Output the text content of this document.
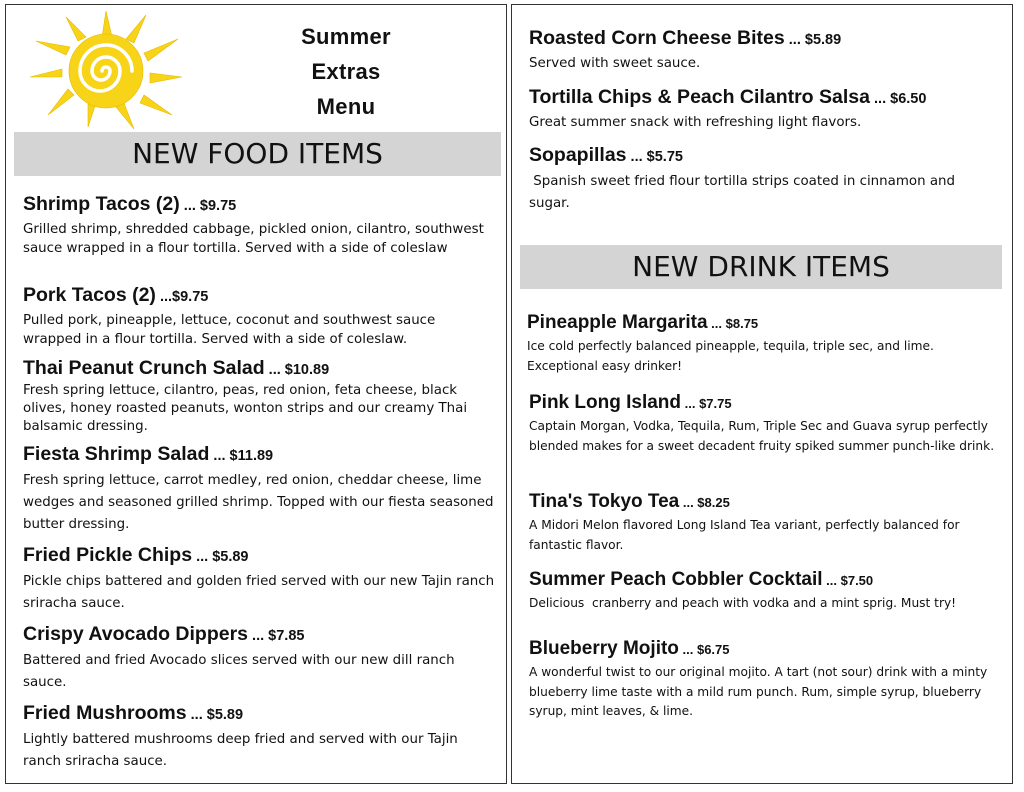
Summer
Extras
Menu
NEW FOOD ITEMS
Shrimp Tacos (2) ... $9.75
Grilled shrimp, shredded cabbage, pickled onion, cilantro, southwest sauce wrapped in a flour tortilla. Served with a side of coleslaw
Pork Tacos (2) ...$9.75
Pulled pork, pineapple, lettuce, coconut and southwest sauce wrapped in a flour tortilla. Served with a side of coleslaw.
Thai Peanut Crunch Salad ... $10.89
Fresh spring lettuce, cilantro, peas, red onion, feta cheese, black olives, honey roasted peanuts, wonton strips and our creamy Thai balsamic dressing.
Fiesta Shrimp Salad ... $11.89
Fresh spring lettuce, carrot medley, red onion, cheddar cheese, lime wedges and seasoned grilled shrimp. Topped with our fiesta seasoned butter dressing.
Fried Pickle Chips ... $5.89
Pickle chips battered and golden fried served with our new Tajin ranch sriracha sauce.
Crispy Avocado Dippers ... $7.85
Battered and fried Avocado slices served with our new dill ranch sauce.
Fried Mushrooms ... $5.89
Lightly battered mushrooms deep fried and served with our Tajin ranch sriracha sauce.
Roasted Corn Cheese Bites ... $5.89
Served with sweet sauce.
Tortilla Chips & Peach Cilantro Salsa ... $6.50
Great summer snack with refreshing light flavors.
Sopapillas ... $5.75
Spanish sweet fried flour tortilla strips coated in cinnamon and sugar.
NEW DRINK ITEMS
Pineapple Margarita ... $8.75
Ice cold perfectly balanced pineapple, tequila, triple sec, and lime. Exceptional easy drinker!
Pink Long Island ... $7.75
Captain Morgan, Vodka, Tequila, Rum, Triple Sec and Guava syrup perfectly blended makes for a sweet decadent fruity spiked summer punch-like drink.
Tina's Tokyo Tea ... $8.25
A Midori Melon flavored Long Island Tea variant, perfectly balanced for fantastic flavor.
Summer Peach Cobbler Cocktail ... $7.50
Delicious  cranberry and peach with vodka and a mint sprig. Must try!
Blueberry Mojito ... $6.75
A wonderful twist to our original mojito. A tart (not sour) drink with a minty blueberry lime taste with a mild rum punch. Rum, simple syrup, blueberry syrup, mint leaves, & lime.
